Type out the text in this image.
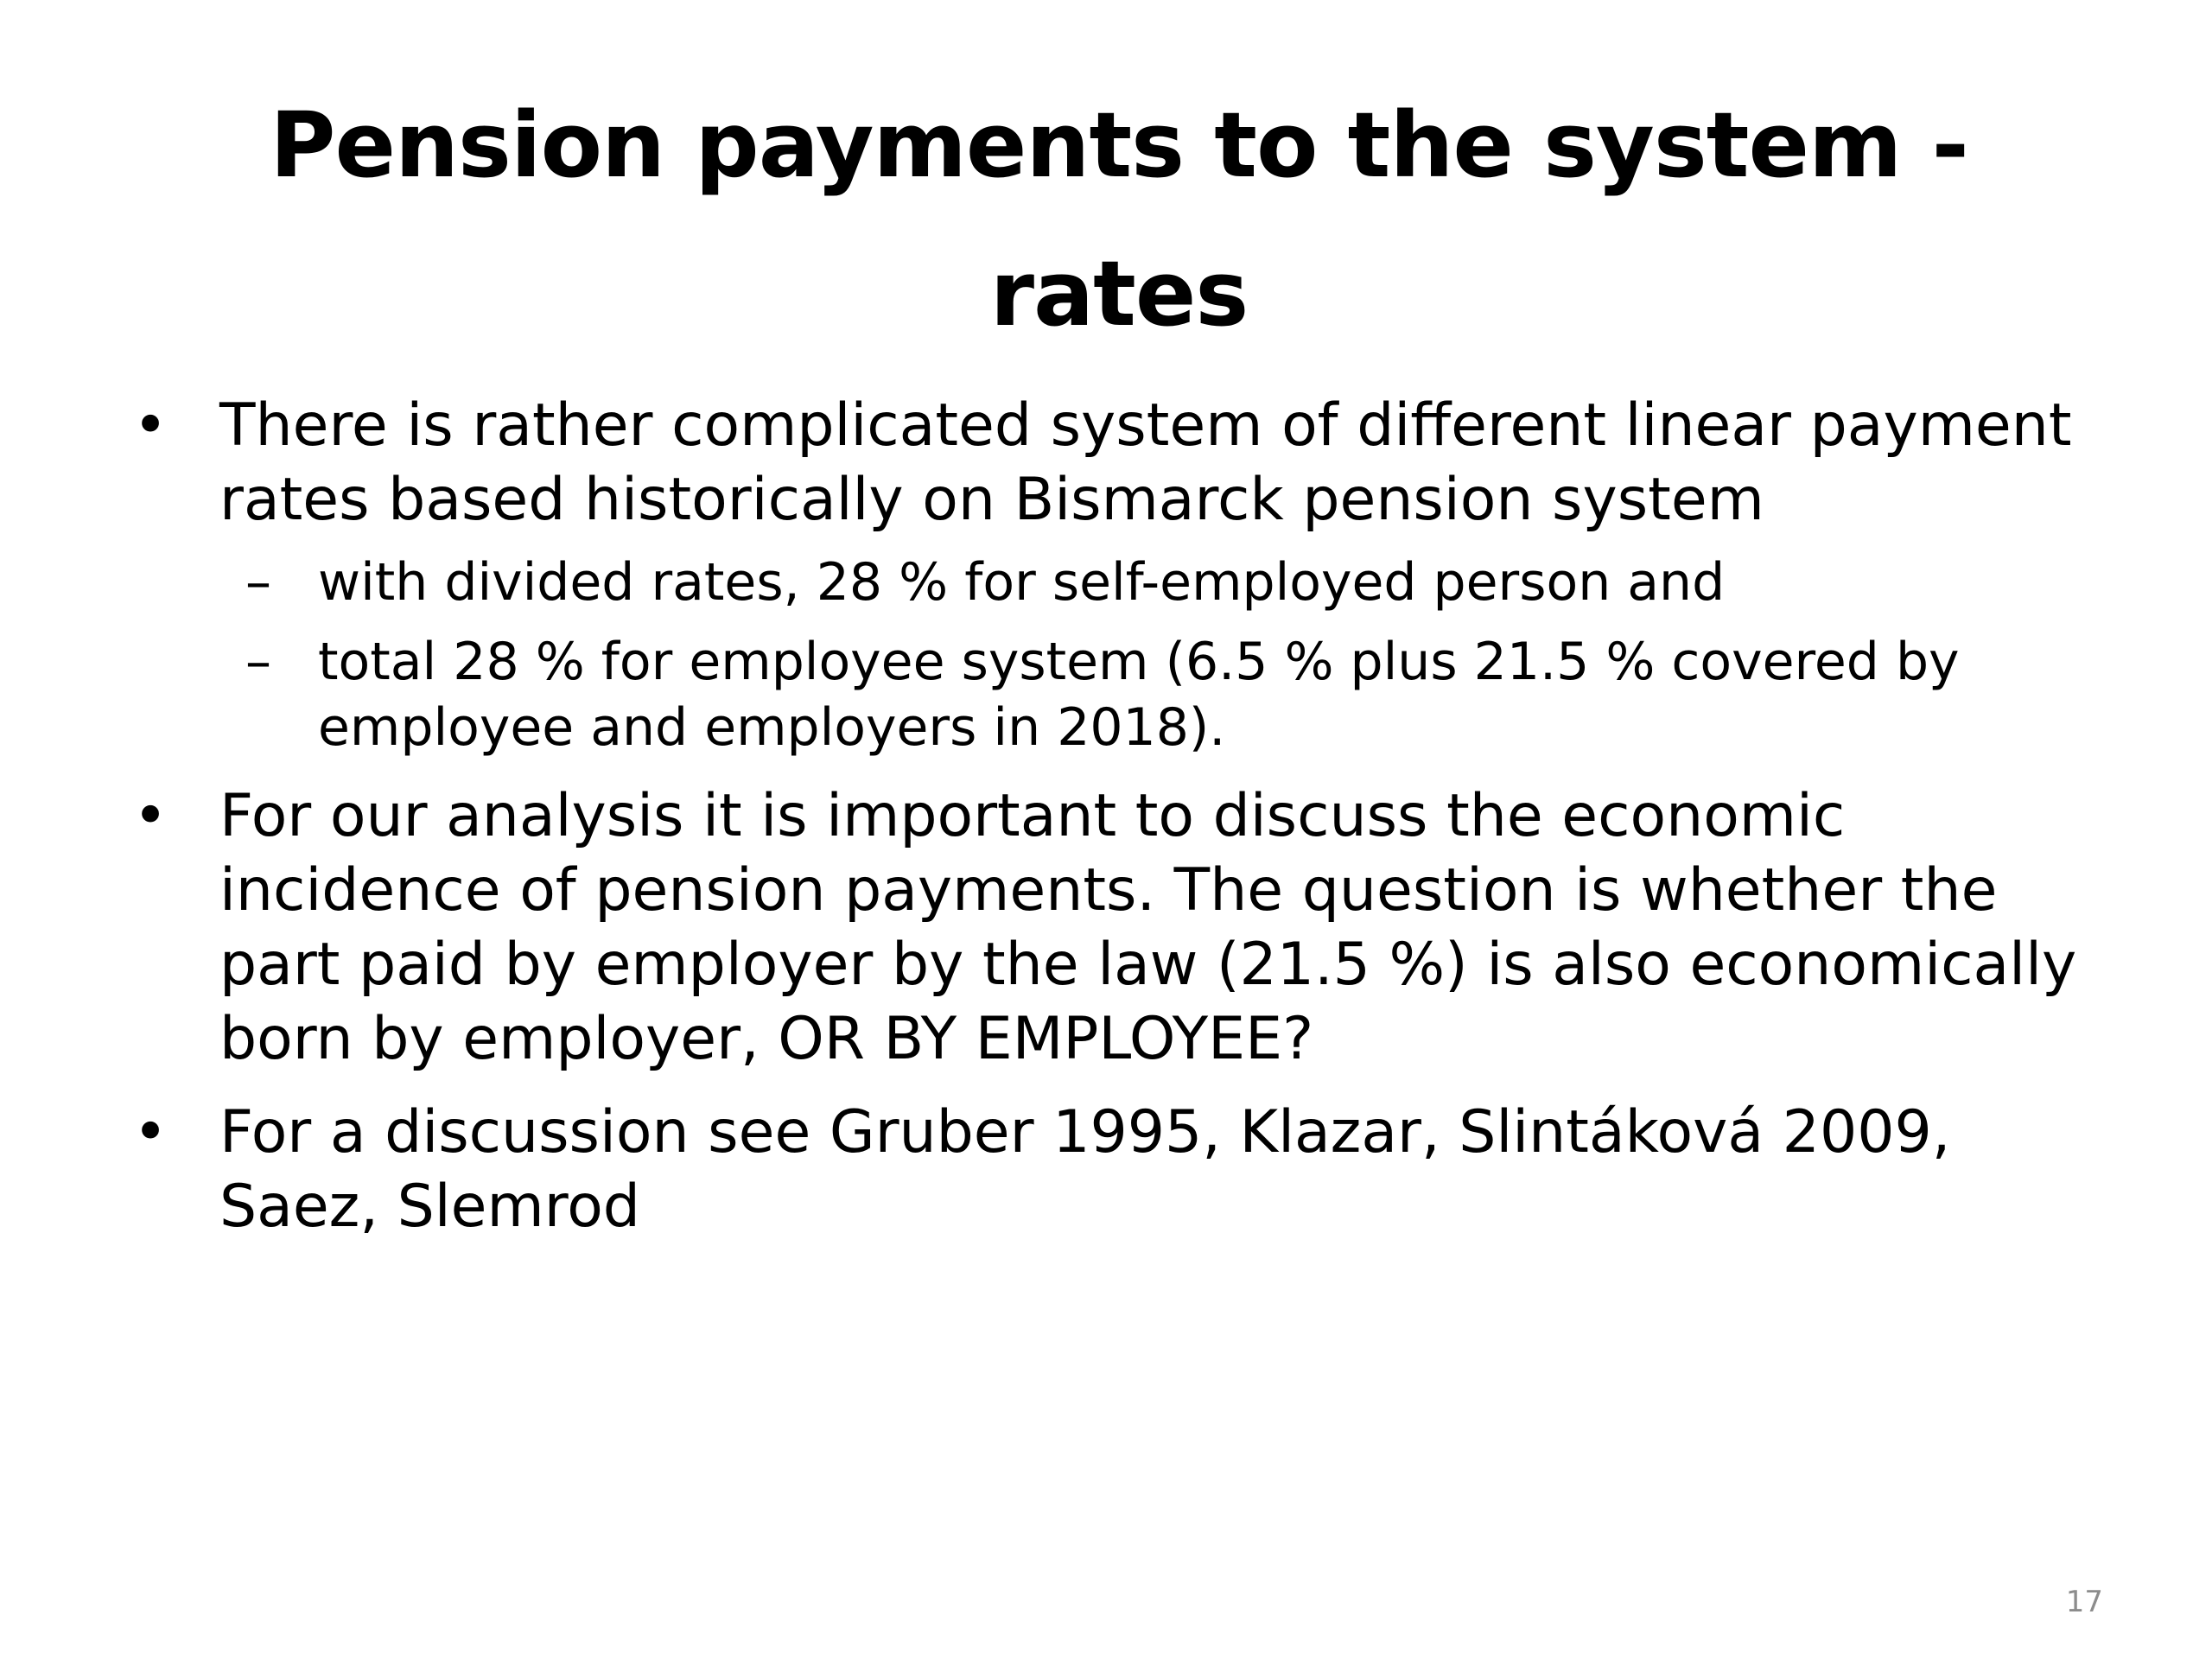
Pension payments to the system -
rates
• There is rather complicated system of different linear payment rates based historically on Bismarck pension system
– with divided rates, 28 % for self-employed person and
– total 28 % for employee system (6.5 % plus 21.5 % covered by employee and employers in 2018).
• For our analysis it is important to discuss the economic incidence of pension payments. The question is whether the part paid by employer by the law (21.5 %) is also economically born by employer, OR BY EMPLOYEE?
• For a discussion see Gruber 1995, Klazar, Slintáková 2009, Saez, Slemrod
17
